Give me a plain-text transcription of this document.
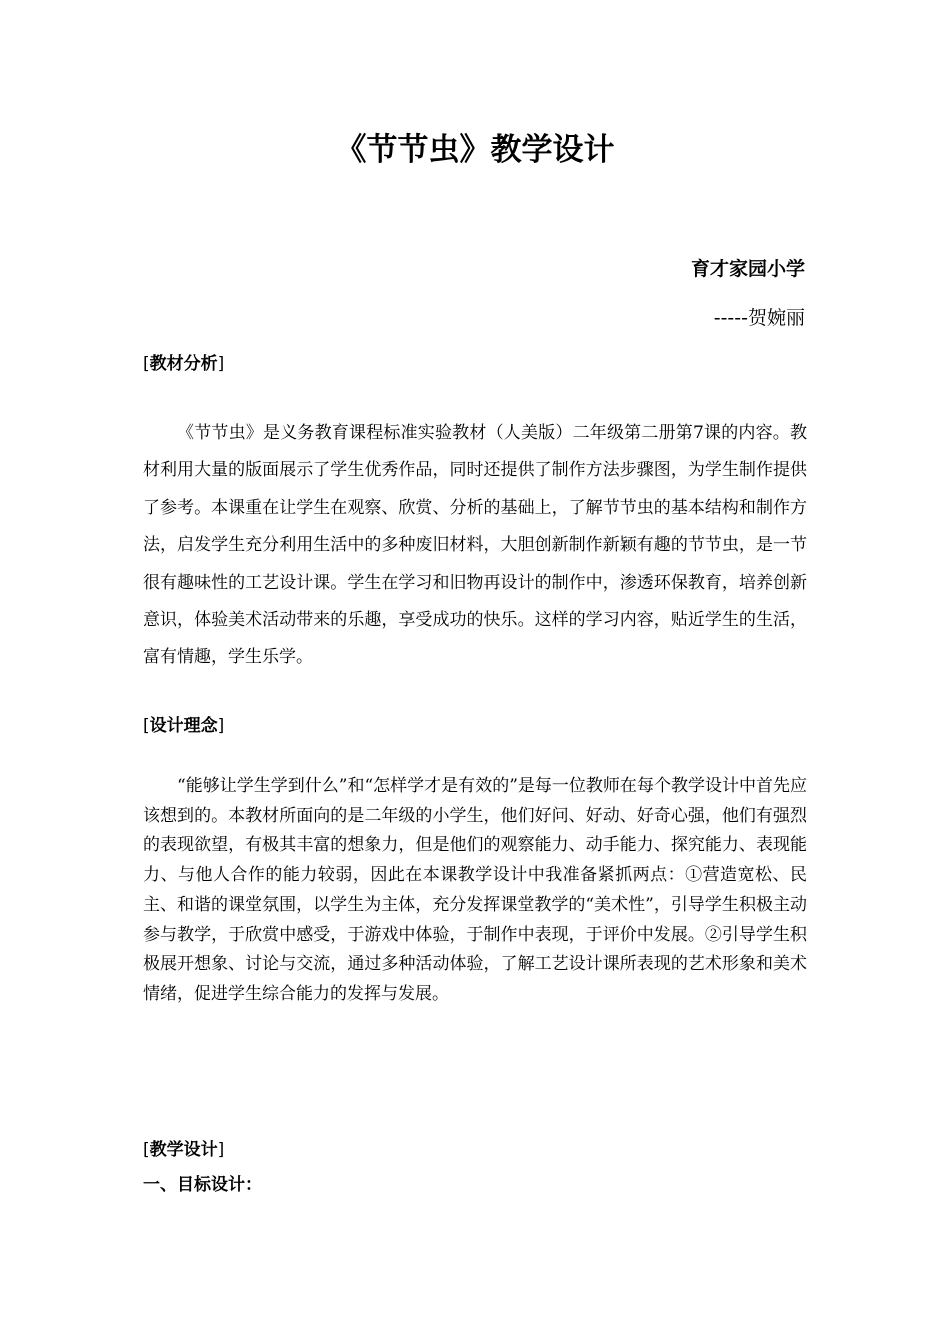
《节节虫》教学设计
育才家园小学
-----贺婉丽
[教材分析]
《节节虫》是义务教育课程标准实验教材（人美版）二年级第二册第7课的内容。教材利用大量的版面展示了学生优秀作品，同时还提供了制作方法步骤图，为学生制作提供了参考。本课重在让学生在观察、欣赏、分析的基础上，了解节节虫的基本结构和制作方法，启发学生充分利用生活中的多种废旧材料，大胆创新制作新颖有趣的节节虫，是一节很有趣味性的工艺设计课。学生在学习和旧物再设计的制作中，渗透环保教育，培养创新意识，体验美术活动带来的乐趣，享受成功的快乐。这样的学习内容，贴近学生的生活，富有情趣，学生乐学。
[设计理念]
“能够让学生学到什么”和“怎样学才是有效的”是每一位教师在每个教学设计中首先应该想到的。本教材所面向的是二年级的小学生，他们好问、好动、好奇心强，他们有强烈的表现欲望，有极其丰富的想象力，但是他们的观察能力、动手能力、探究能力、表现能力、与他人合作的能力较弱，因此在本课教学设计中我准备紧抓两点：①营造宽松、民主、和谐的课堂氛围，以学生为主体，充分发挥课堂教学的“美术性”，引导学生积极主动参与教学，于欣赏中感受，于游戏中体验，于制作中表现，于评价中发展。②引导学生积极展开想象、讨论与交流，通过多种活动体验，了解工艺设计课所表现的艺术形象和美术情绪，促进学生综合能力的发挥与发展。
[教学设计]
一、目标设计：
